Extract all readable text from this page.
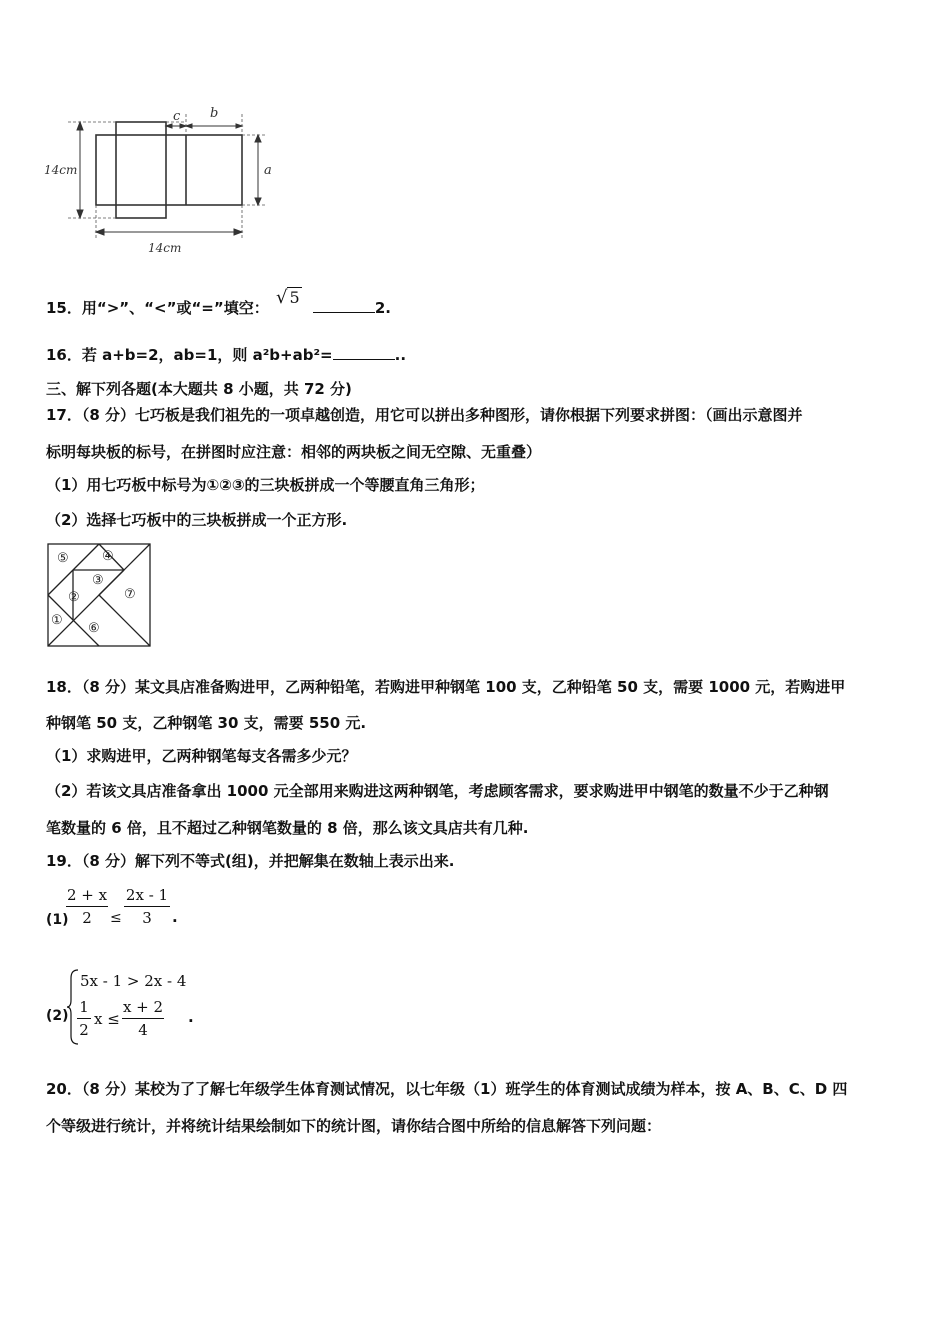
14cm
14cm
c b
a
15．用“>”、“<”或“=”填空： √ 5 2.
16．若 a+b=2，ab=1，则 a²b+ab²=	..
三、解下列各题(本大题共 8 小题，共 72 分)
17．（8 分）七巧板是我们祖先的一项卓越创造，用它可以拼出多种图形，请你根据下列要求拼图：（画出示意图并
标明每块板的标号，在拼图时应注意：相邻的两块板之间无空隙、无重叠）
（1）用七巧板中标号为①②③的三块板拼成一个等腰直角三角形；
（2）选择七巧板中的三块板拼成一个正方形.
⑤	④
③
②	⑦
①
⑥
18．（8 分）某文具店准备购进甲，乙两种铅笔，若购进甲种钢笔 100 支，乙种铅笔 50 支，需要 1000 元，若购进甲
种钢笔 50 支，乙种钢笔 30 支，需要 550 元.
（1）求购进甲，乙两种钢笔每支各需多少元？
（2）若该文具店准备拿出 1000 元全部用来购进这两种钢笔，考虑顾客需求，要求购进甲中钢笔的数量不少于乙种钢
笔数量的 6 倍，且不超过乙种钢笔数量的 8 倍，那么该文具店共有几种.
19．（8 分）解下列不等式(组)，并把解集在数轴上表示出来.
(1)
2 + x
2	≤
2x - 1
3	.
(2)
5x - 1 > 2x - 4
1
2
x ≤
x + 2
4
.
20．（8 分）某校为了了解七年级学生体育测试情况，以七年级（1）班学生的体育测试成绩为样本，按 A、B、C、D 四
个等级进行统计，并将统计结果绘制如下的统计图，请你结合图中所给的信息解答下列问题：
